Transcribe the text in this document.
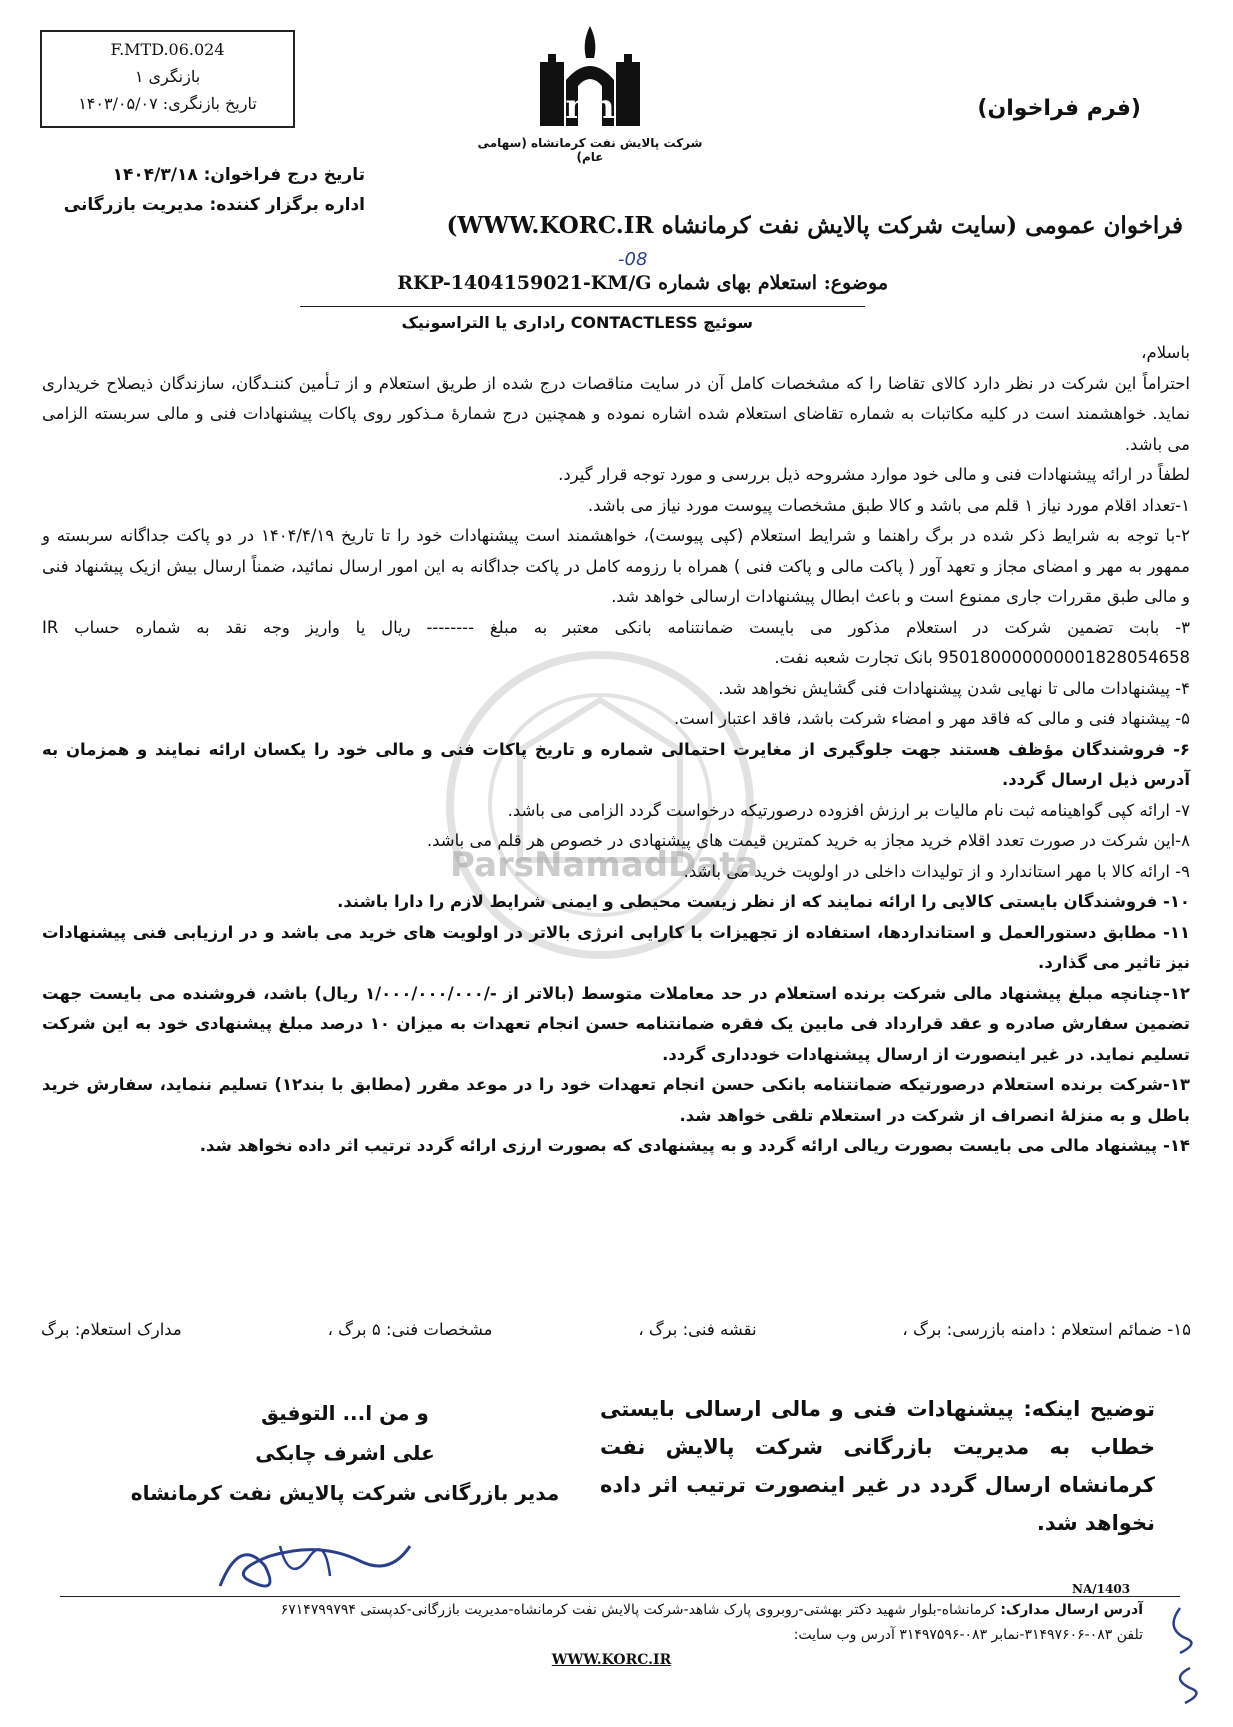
F.MTD.06.024
بازنگری ۱
تاریخ بازنگری: ۱۴۰۳/۰۵/۰۷	nh
شرکت پالایش نفت کرمانشاه (سهامی عام)
(فرم فراخوان)
تاریخ درج فراخوان: ۱۴۰۴/۳/۱۸
اداره برگزار کننده: مدیریت بازرگانی
فراخوان عمومی (سایت شرکت پالایش نفت کرمانشاه WWW.KORC.IR)
موضوع: استعلام بهای شماره RKP-1404159021-KM/G
-08
سوئیچ CONTACTLESS راداری یا التراسونیک
ParsNamadData

باسلام،

احتراماً این شرکت در نظر دارد کالای تقاضا را که مشخصات کامل آن در سایت مناقصات درج شده از طریق استعلام و از تـأمین کننـدگان، سازندگان ذیصلاح خریداری نماید. خواهشمند است در کلیه مکاتبات به شماره تقاضای استعلام شده اشاره نموده و همچنین درج شمارهٔ مـذکور روی پاکات پیشنهادات فنی و مالی سربسته الزامی می باشد.

لطفاً در ارائه پیشنهادات فنی و مالی خود موارد مشروحه ذیل بررسی و مورد توجه قرار گیرد.

۱-تعداد اقلام مورد نیاز ۱ قلم می باشد و کالا طبق مشخصات پیوست مورد نیاز می باشد.

۲-با توجه به شرایط ذکر شده در برگ راهنما و شرایط استعلام (کپی پیوست)، خواهشمند است پیشنهادات خود را تا تاریخ ۱۴۰۴/۴/۱۹ در دو پاکت جداگانه سربسته و ممهور به مهر و امضای مجاز و تعهد آور ( پاکت مالی و پاکت فنی ) همراه با رزومه کامل در پاکت جداگانه به این امور ارسال نمائید، ضمناً ارسال بیش ازیک پیشنهاد فنی و مالی طبق مقررات جاری ممنوع است و باعث ابطال پیشنهادات ارسالی خواهد شد.

۳- بابت تضمین شرکت در استعلام مذکور می بایست ضمانتنامه بانکی معتبر به مبلغ -------- ریال یا واریز وجه نقد به شماره حساب IR 950180000000001828054658 بانک تجارت شعبه نفت.

۴- پیشنهادات مالی تا نهایی شدن پیشنهادات فنی گشایش نخواهد شد.

۵- پیشنهاد فنی و مالی که فاقد مهر و امضاء شرکت باشد، فاقد اعتبار است.

۶- فروشندگان مؤظف هستند جهت جلوگیری از مغایرت احتمالی شماره و تاریخ پاکات فنی و مالی خود را یکسان ارائه نمایند و همزمان به آدرس ذیل ارسال گردد.

۷- ارائه کپی گواهینامه ثبت نام مالیات بر ارزش افزوده درصورتیکه درخواست گردد الزامی می باشد.

۸-این شرکت در صورت تعدد اقلام خرید مجاز به خرید کمترین قیمت های پیشنهادی در خصوص هر قلم می باشد.

۹- ارائه کالا با مهر استاندارد و از تولیدات داخلی در اولویت خرید می باشد.

۱۰- فروشندگان بایستی کالایی را ارائه نمایند که از نظر زیست محیطی و ایمنی شرایط لازم را دارا باشند.

۱۱- مطابق دستورالعمل و استانداردها، استفاده از تجهیزات با کارایی انرژی بالاتر در اولویت های خرید می باشد و در ارزیابی فنی پیشنهادات نیز تاثیر می گذارد.

۱۲-چنانچه مبلغ پیشنهاد مالی شرکت برنده استعلام در حد معاملات متوسط (بالاتر از -/۱/۰۰۰/۰۰۰/۰۰۰ ریال) باشد، فروشنده می بایست جهت تضمین سفارش صادره و عقد قرارداد فی مابین یک فقره ضمانتنامه حسن انجام تعهدات به میزان ۱۰ درصد مبلغ پیشنهادی خود به این شرکت تسلیم نماید. در غیر اینصورت از ارسال پیشنهادات خودداری گردد.

۱۳-شرکت برنده استعلام درصورتیکه ضمانتنامه بانکی حسن انجام تعهدات خود را در موعد مقرر (مطابق با بند۱۲) تسلیم ننماید، سفارش خرید باطل و به منزلهٔ انصراف از شرکت در استعلام تلقی خواهد شد.

۱۴- پیشنهاد مالی می بایست بصورت ریالی ارائه گردد و به پیشنهادی که بصورت ارزی ارائه گردد ترتیب اثر داده نخواهد شد.

۱۵- ضمائم استعلام : دامنه بازرسی: برگ ،
نقشه فنی: برگ ،
مشخصات فنی: ۵ برگ ،
مدارک استعلام: برگ
توضیح اینکه: پیشنهادات فنی و مالی ارسالی بایستی خطاب به مدیریت بازرگانی شرکت پالایش نفت کرمانشاه ارسال گردد در غیر اینصورت ترتیب اثر داده نخواهد شد.
و من ا... التوفیق
علی اشرف چابکی
مدیر بازرگانی شرکت پالایش نفت کرمانشاه
NA/1403
آدرس ارسال مدارک: کرمانشاه-بلوار شهید دکتر بهشتی-روبروی پارک شاهد-شرکت پالایش نفت کرمانشاه-مدیریت بازرگانی-کدپستی ۶۷۱۴۷۹۹۷۹۴
تلفن ۰۸۳-۳۱۴۹۷۶۰۶-نمابر ۰۸۳-۳۱۴۹۷۵۹۶ آدرس وب سایت:
WWW.KORC.IR
